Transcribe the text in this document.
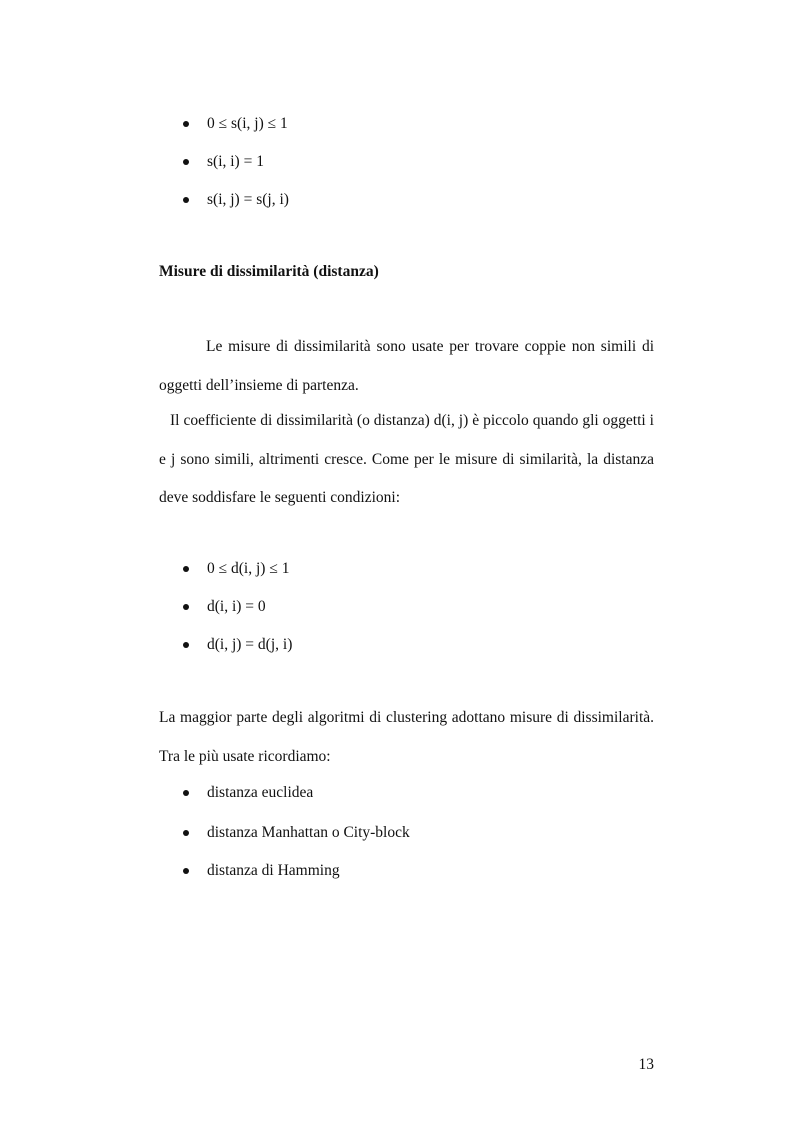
0 ≤ s(i, j) ≤ 1
s(i, i) = 1
s(i, j) = s(j, i)
Misure di dissimilarità (distanza)

Le misure di dissimilarità sono usate per trovare coppie non simili di oggetti dell’insieme di partenza.

Il coefficiente di dissimilarità (o distanza) d(i, j) è piccolo quando gli oggetti i e j sono simili, altrimenti cresce. Come per le misure di similarità, la distanza deve soddisfare le seguenti condizioni:

0 ≤ d(i, j) ≤ 1
d(i, i) = 0
d(i, j) = d(j, i)

La maggior parte degli algoritmi di clustering adottano misure di dissimilarità. Tra le più usate ricordiamo:

distanza euclidea
distanza Manhattan o City-block
distanza di Hamming
13
